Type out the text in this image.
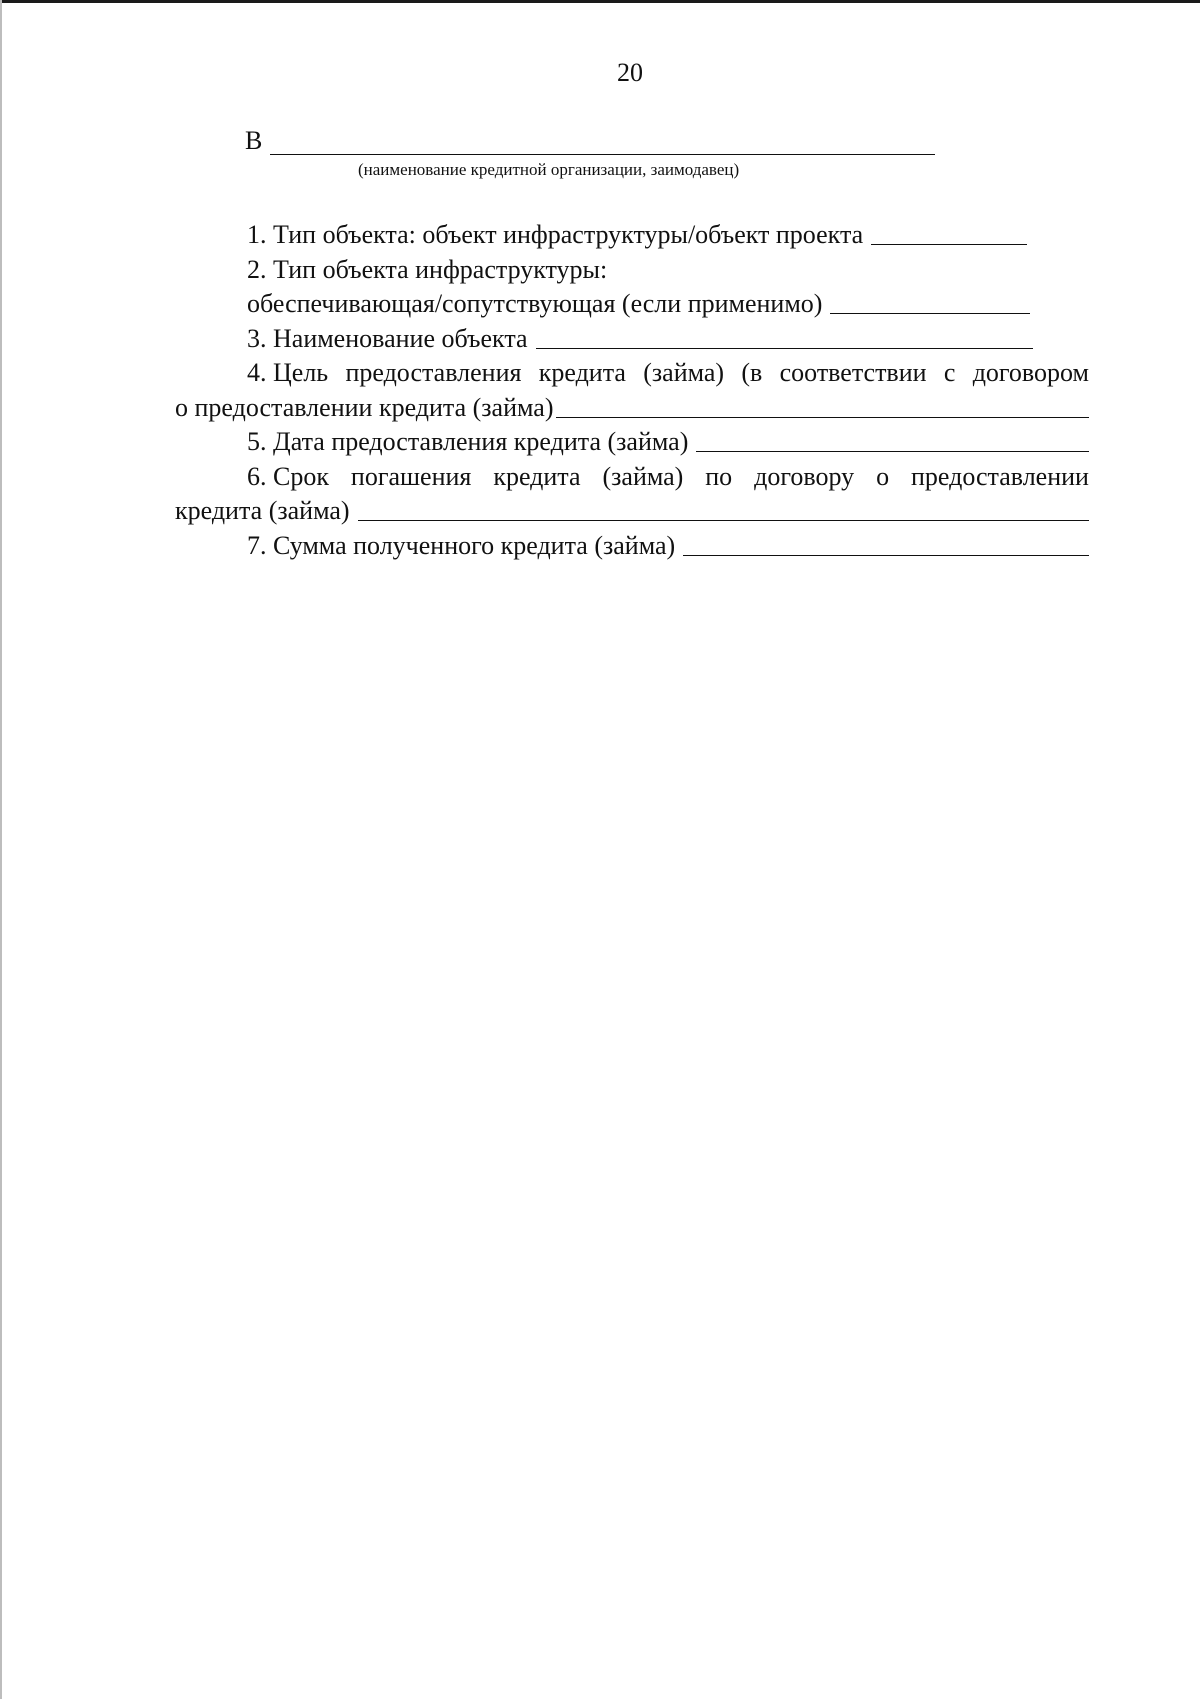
20
В
(наименование кредитной организации, заимодавец)
1. Тип объекта: объект инфраструктуры/объект проекта
2. Тип объекта инфраструктуры:
обеспечивающая/сопутствующая (если применимо)
3. Наименование объекта
4. Цель предоставления кредита (займа) (в соответствии с договором
о предоставлении кредита (займа)
5. Дата предоставления кредита (займа)
6. Срок погашения кредита (займа) по договору о предоставлении
кредита (займа)
7. Сумма полученного кредита (займа)
